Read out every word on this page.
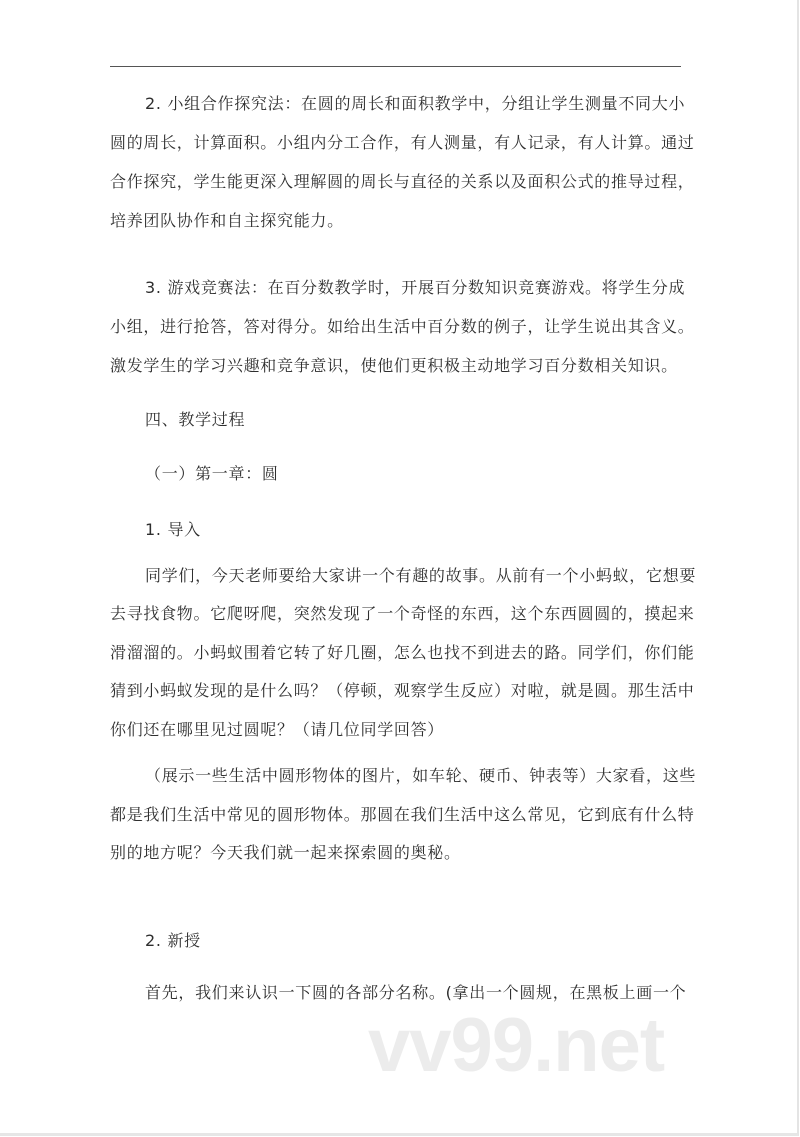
2. 小组合作探究法：在圆的周长和面积教学中，分组让学生测量不同大小
圆的周长，计算面积。小组内分工合作，有人测量，有人记录，有人计算。通过
合作探究，学生能更深入理解圆的周长与直径的关系以及面积公式的推导过程，
培养团队协作和自主探究能力。
3. 游戏竞赛法：在百分数教学时，开展百分数知识竞赛游戏。将学生分成
小组，进行抢答，答对得分。如给出生活中百分数的例子，让学生说出其含义。
激发学生的学习兴趣和竞争意识，使他们更积极主动地学习百分数相关知识。
四、教学过程
（一）第一章：圆
1. 导入
同学们，今天老师要给大家讲一个有趣的故事。从前有一个小蚂蚁，它想要
去寻找食物。它爬呀爬，突然发现了一个奇怪的东西，这个东西圆圆的，摸起来
滑溜溜的。小蚂蚁围着它转了好几圈，怎么也找不到进去的路。同学们，你们能
猜到小蚂蚁发现的是什么吗？（停顿，观察学生反应）对啦，就是圆。那生活中
你们还在哪里见过圆呢？（请几位同学回答）
（展示一些生活中圆形物体的图片，如车轮、硬币、钟表等）大家看，这些
都是我们生活中常见的圆形物体。那圆在我们生活中这么常见，它到底有什么特
别的地方呢？今天我们就一起来探索圆的奥秘。
2. 新授
首先，我们来认识一下圆的各部分名称。(拿出一个圆规，在黑板上画一个
vv99.net
